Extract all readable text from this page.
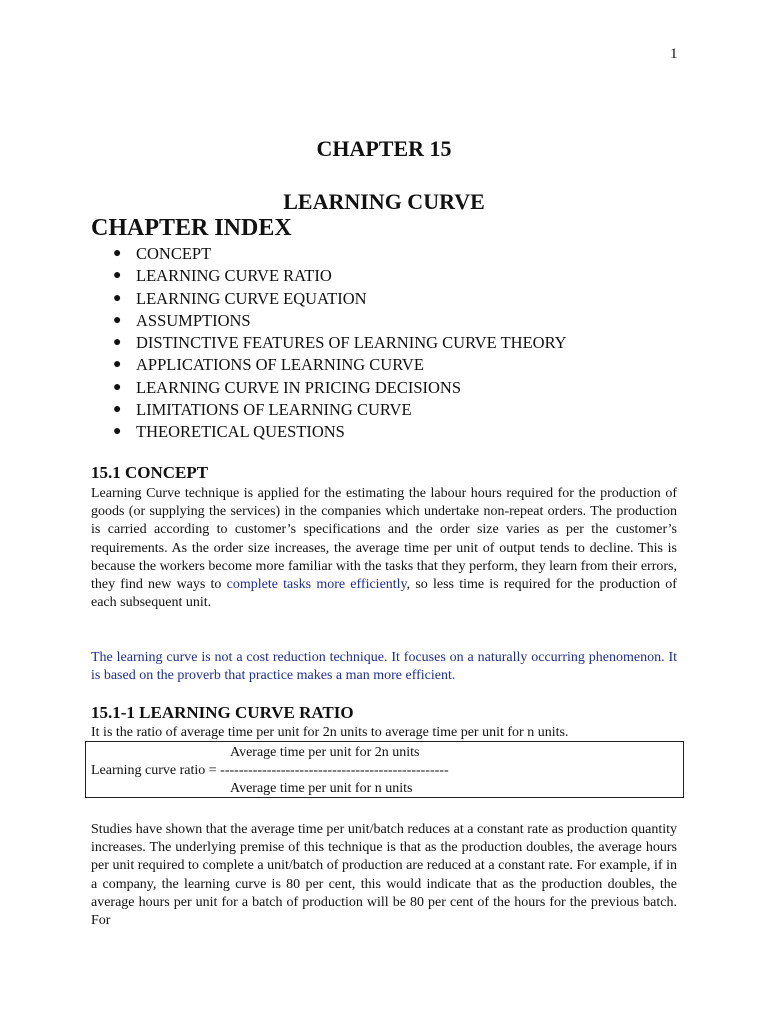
1
CHAPTER 15
LEARNING CURVE
CHAPTER INDEX
● CONCEPT
● LEARNING CURVE RATIO
● LEARNING CURVE EQUATION
● ASSUMPTIONS
● DISTINCTIVE FEATURES OF LEARNING CURVE THEORY
● APPLICATIONS OF LEARNING CURVE
● LEARNING CURVE IN PRICING DECISIONS
● LIMITATIONS OF LEARNING CURVE
● THEORETICAL QUESTIONS
15.1 CONCEPT

Learning Curve technique is applied for the estimating the labour hours required for the production of goods (or supplying the services) in the companies which undertake non-repeat orders. The production is carried according to customer’s specifications and the order size varies as per the customer’s requirements. As the order size increases, the average time per unit of output tends to decline. This is because the workers become more familiar with the tasks that they perform, they learn from their errors, they find new ways to complete tasks more efficiently, so less time is required for the production of each subsequent unit.

The learning curve is not a cost reduction technique. It focuses on a naturally occurring phenomenon. It is based on the proverb that practice makes a man more efficient.

15.1-1 LEARNING CURVE RATIO

It is the ratio of average time per unit for 2n units to average time per unit for n units.

Average time per unit for 2n units
Learning curve ratio = -------------------------------------------------
Average time per unit for n units

Studies have shown that the average time per unit/batch reduces at a constant rate as production quantity increases. The underlying premise of this technique is that as the production doubles, the average hours per unit required to complete a unit/batch of production are reduced at a constant rate. For example, if in a company, the learning curve is 80 per cent, this would indicate that as the production doubles, the average hours per unit for a batch of production will be 80 per cent of the hours for the previous batch. For
